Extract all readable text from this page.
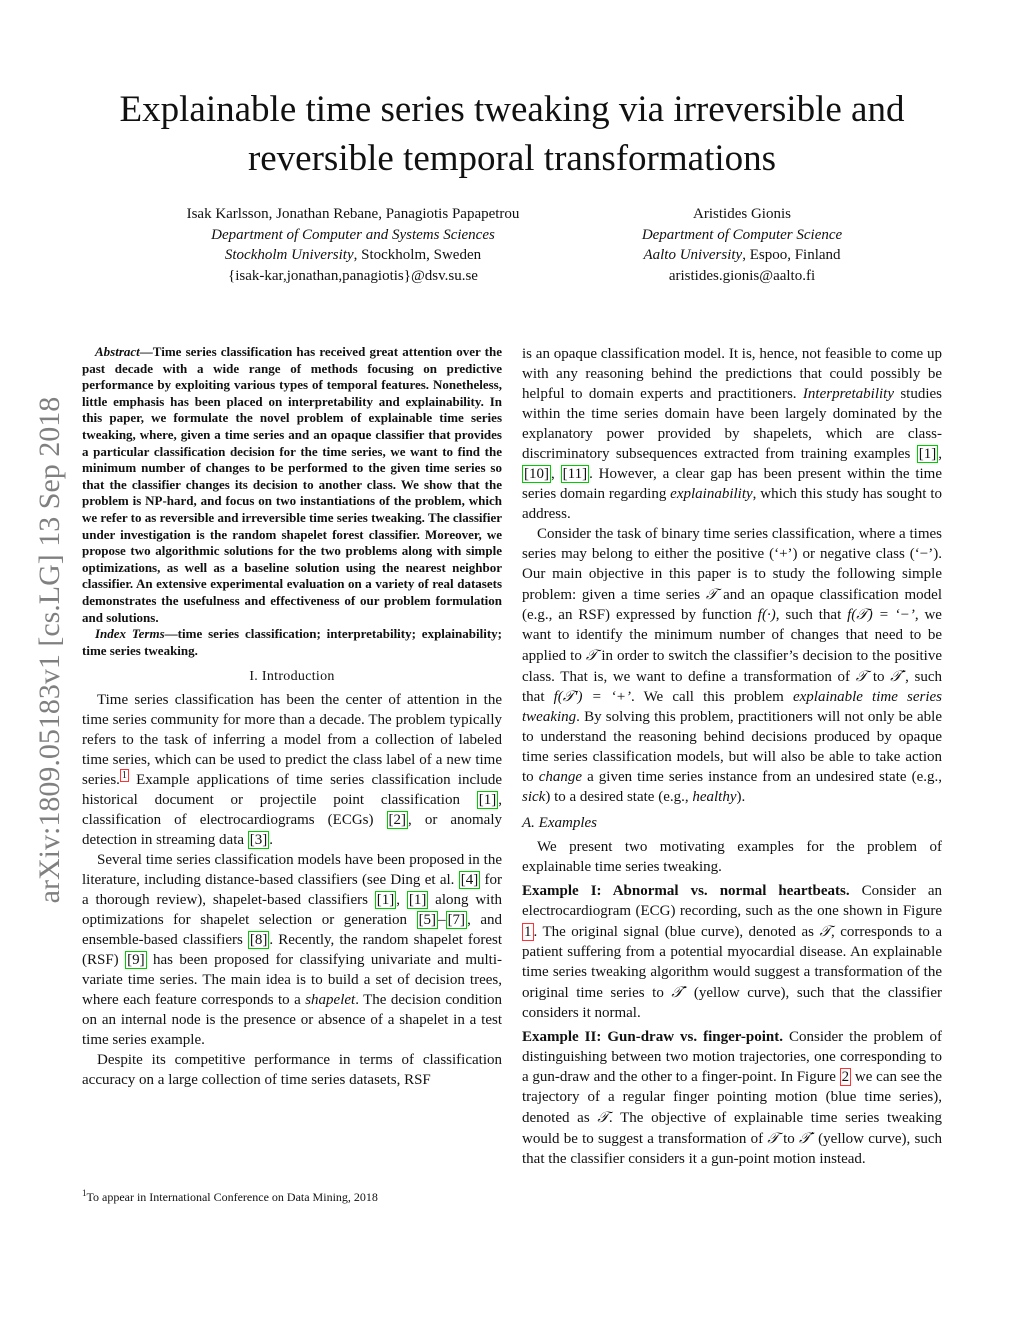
arXiv:1809.05183v1 [cs.LG] 13 Sep 2018
Explainable time series tweaking via irreversible and reversible temporal transformations
Isak Karlsson, Jonathan Rebane, Panagiotis Papapetrou
Department of Computer and Systems Sciences
Stockholm University, Stockholm, Sweden
{isak-kar,jonathan,panagiotis}@dsv.su.se
Aristides Gionis
Department of Computer Science
Aalto University, Espoo, Finland
aristides.gionis@aalto.fi

Abstract—Time series classification has received great attention over the past decade with a wide range of methods focusing on predictive performance by exploiting various types of temporal features. Nonetheless, little emphasis has been placed on interpretability and explainability. In this paper, we formulate the novel problem of explainable time series tweaking, where, given a time series and an opaque classifier that provides a particular classification decision for the time series, we want to find the minimum number of changes to be performed to the given time series so that the classifier changes its decision to another class. We show that the problem is NP-hard, and focus on two instantiations of the problem, which we refer to as reversible and irreversible time series tweaking. The classifier under investigation is the random shapelet forest classifier. Moreover, we propose two algorithmic solutions for the two problems along with simple optimizations, as well as a baseline solution using the nearest neighbor classifier. An extensive experimental evaluation on a variety of real datasets demonstrates the usefulness and effectiveness of our problem formulation and solutions.

Index Terms—time series classification; interpretability; explainability; time series tweaking.

I. Introduction

Time series classification has been the center of attention in the time series community for more than a decade. The problem typically refers to the task of inferring a model from a collection of labeled time series, which can be used to predict the class label of a new time series. $^1$ Example applications of time series classification include historical document or projectile point classification [1] , classification of electrocardiograms (ECGs) [2] , or anomaly detection in streaming data [3] .

Several time series classification models have been proposed in the literature, including distance-based classifiers (see Ding et al. [4] for a thorough review), shapelet-based classifiers [1] , [1] along with optimizations for shapelet selection or generation [5] – [7] , and ensemble-based classifiers [8] . Recently, the random shapelet forest (RSF) [9] has been proposed for classifying univariate and multi-variate time series. The main idea is to build a set of decision trees, where each feature corresponds to a shapelet. The decision condition on an internal node is the presence or absence of a shapelet in a test time series example.

Despite its competitive performance in terms of classification accuracy on a large collection of time series datasets, RSF

is an opaque classification model. It is, hence, not feasible to come up with any reasoning behind the predictions that could possibly be helpful to domain experts and practitioners. Interpretability studies within the time series domain have been largely dominated by the explanatory power provided by shapelets, which are class-discriminatory subsequences extracted from training examples [1] , [10] , [11] . However, a clear gap has been present within the time series domain regarding explainability, which this study has sought to address.

Consider the task of binary time series classification, where a times series may belong to either the positive (‘+’) or negative class (‘−’). Our main objective in this paper is to study the following simple problem: given a time series 𝒯 and an opaque classification model (e.g., an RSF) expressed by function f(·), such that f(𝒯) = ‘−’, we want to identify the minimum number of changes that need to be applied to 𝒯 in order to switch the classifier’s decision to the positive class. That is, we want to define a transformation of 𝒯 to 𝒯′, such that f(𝒯′) = ‘+’. We call this problem explainable time series tweaking. By solving this problem, practitioners will not only be able to understand the reasoning behind decisions produced by opaque time series classification models, but will also be able to take action to change a given time series instance from an undesired state (e.g., sick) to a desired state (e.g., healthy).

A. Examples

We present two motivating examples for the problem of explainable time series tweaking.

Example I: Abnormal vs. normal heartbeats. Consider an electrocardiogram (ECG) recording, such as the one shown in Figure 1 . The original signal (blue curve), denoted as 𝒯, corresponds to a patient suffering from a potential myocardial disease. An explainable time series tweaking algorithm would suggest a transformation of the original time series to 𝒯′ (yellow curve), such that the classifier considers it normal.

Example II: Gun-draw vs. finger-point. Consider the problem of distinguishing between two motion trajectories, one corresponding to a gun-draw and the other to a finger-point. In Figure 2 we can see the trajectory of a regular finger pointing motion (blue time series), denoted as 𝒯. The objective of explainable time series tweaking would be to suggest a transformation of 𝒯 to 𝒯′ (yellow curve), such that the classifier considers it a gun-point motion instead.

$^1$To appear in International Conference on Data Mining, 2018
